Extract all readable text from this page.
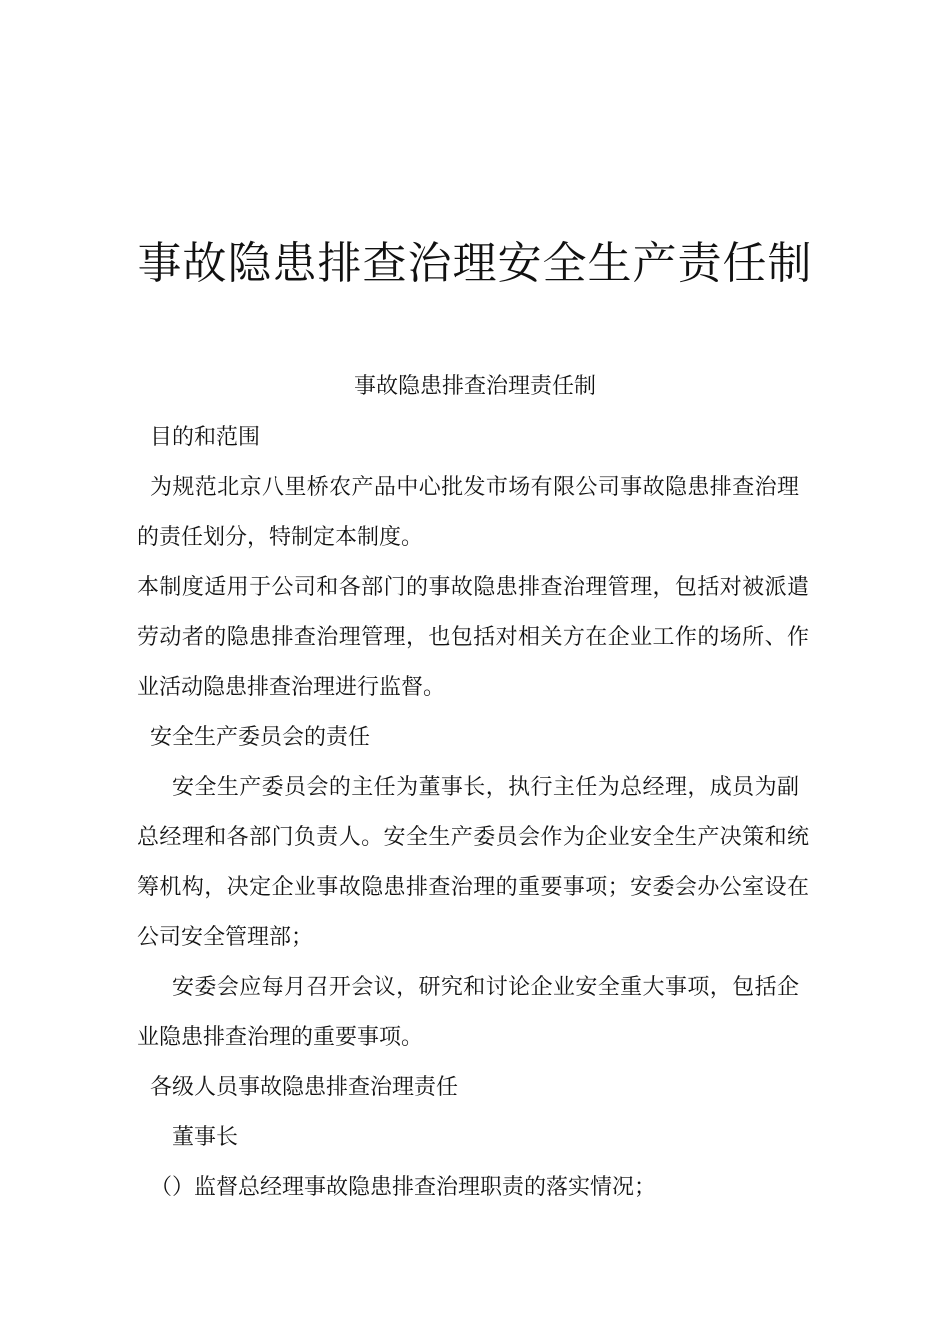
事故隐患排查治理安全生产责任制
事故隐患排查治理责任制
目的和范围
为规范北京八里桥农产品中心批发市场有限公司事故隐患排查治理
的责任划分，特制定本制度。
本制度适用于公司和各部门的事故隐患排查治理管理，包括对被派遣
劳动者的隐患排查治理管理，也包括对相关方在企业工作的场所、作
业活动隐患排查治理进行监督。
安全生产委员会的责任
安全生产委员会的主任为董事长，执行主任为总经理，成员为副
总经理和各部门负责人。安全生产委员会作为企业安全生产决策和统
筹机构，决定企业事故隐患排查治理的重要事项；安委会办公室设在
公司安全管理部；
安委会应每月召开会议，研究和讨论企业安全重大事项，包括企
业隐患排查治理的重要事项。
各级人员事故隐患排查治理责任
董事长
（）监督总经理事故隐患排查治理职责的落实情况；
